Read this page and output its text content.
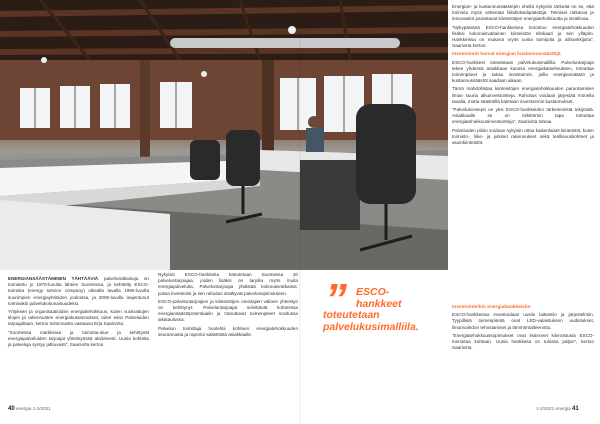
ENERGIANSÄÄSTÄMINEN TÄHTÄÄVIÄ palveluratkaisuja on toimitettu jo 1970-luvulta lähtien Suomessa, ja kehitetty ESCO-toiminta (energy service company) oikealla tavalla 1990-luvulla suurimpien energiayhtiöiden joukossa, ja 2000-luvulla laajentunut toimivaksi palvelukokonaisuudeksi.

Yrityksen ja organisaatioiden energiatehokkuus, kuten vuokrattujen tilojen ja rakennusten energiakustannukset, tulee esiin Palveluiden tarjoajaltaan, kertoo toiminnasta vastaava Erja Saarivirta.

”Suomessa markkinaa ja toiminta-alue ja kehittyvät energiapalveluiden tarjoajat yhteistyössä aktiivisesti. Uusia kohteita ja palveluja syntyy jatkuvasti”, Saarivirta kertoo.

Nykyisin ESCO-hankkeita toteutetaan Suomessa 20 palveluntarjoajaa, joiden lisäksi on tarjolla myös muita energiapalveluita. Palveluntarjoajia yhdistää kokonaisratkaisut, joissa investointi ja sen rahoitus sisältyvät palvelusopimukseen.

ESCO-palveluntarjoajien ja kiinteistöjen omistajien välinen yhteistyö on kehittynyt. Palveluntarjoajat selvittävät kohteessa energiansäästöpotentiaalin ja toteuttavat toimenpiteet sovitussa aikataulussa.

Palvelun toimittaja huolehtii kohteen energiatehokkuuden seurannasta ja raportoi säästöistä asiakkaalle.

” ESCO-
hankkeet
toteutetaan palvelukusimalliila.

Energian- ja kustannussäästöjen ohella nykyisin tärkeää on se, että toiminta myös vähentää hiilidioksidipäästöjä. Tekniset ratkaisut ja innovaatiot parantavat kiinteistöjen energiatehokkuutta ja sisäilmaa.

”Nykypäivänä ESCO-hankkeissa korostuu energiatehokkuuden lisäksi kokonaisvaltainen kiinteistön elinkaari ja sen ylläpito. Hankkeissa on mukana myös uusia toimijoita ja alihankkijoita”, Saarivirta kertoo.

Investoinnit tuovat energian kustannussäästöjä

ESCO-hankkeet toteutetaan palvelukusimallilla. Palveluntarjoaja tekee yhdessä asiakkaan kanssa energiakatselmuksen, toteuttaa toimenpiteet ja takaa investoinnit, joilla energiansäästö ja kustannussäästöt saadaan aikaan.

Tämä mahdollistaa kiinteistöjen energiatehokkuuden parantamisen ilman suuria alkuinvestointeja. Rahoitus voidaan järjestää monella tavalla, mutta säästöillä katetaan investoinnin kustannukset.

”Palvelukonsepti on yksi ESCO-hankkeiden tärkeimmistä tekijöistä. Asiakkaalle se on riskittömin tapa toteuttaa energiatehokkuusinvestointeja”, Saarivirta toteaa.

Palveluiden piiriin voidaan nykyisin ottaa kaikenlaiset kiinteistöt, kuten toimisto-, liike- ja julkiset rakennukset sekä teollisuuskohteet ja asuinkiinteistöt.

Investointeihin energiahankkeisiin

ESCO-hankkeissa investoidaan uusiin laitteisiin ja järjestelmiin. Tyypillisiä toimenpiteitä ovat LED-valaistuksen uudistukset, ilmanvaihdon tehostamiset ja lämmöntalteenotto.

”Energiatehokkuussopimukset ovat lisänneet kiinnostusta ESCO-toimintaa kohtaan. Uusia hankkeita on tulossa paljon”, kertoo Saarivirta.

40 energia 1-2/2021	1-2/2021 energia 41
